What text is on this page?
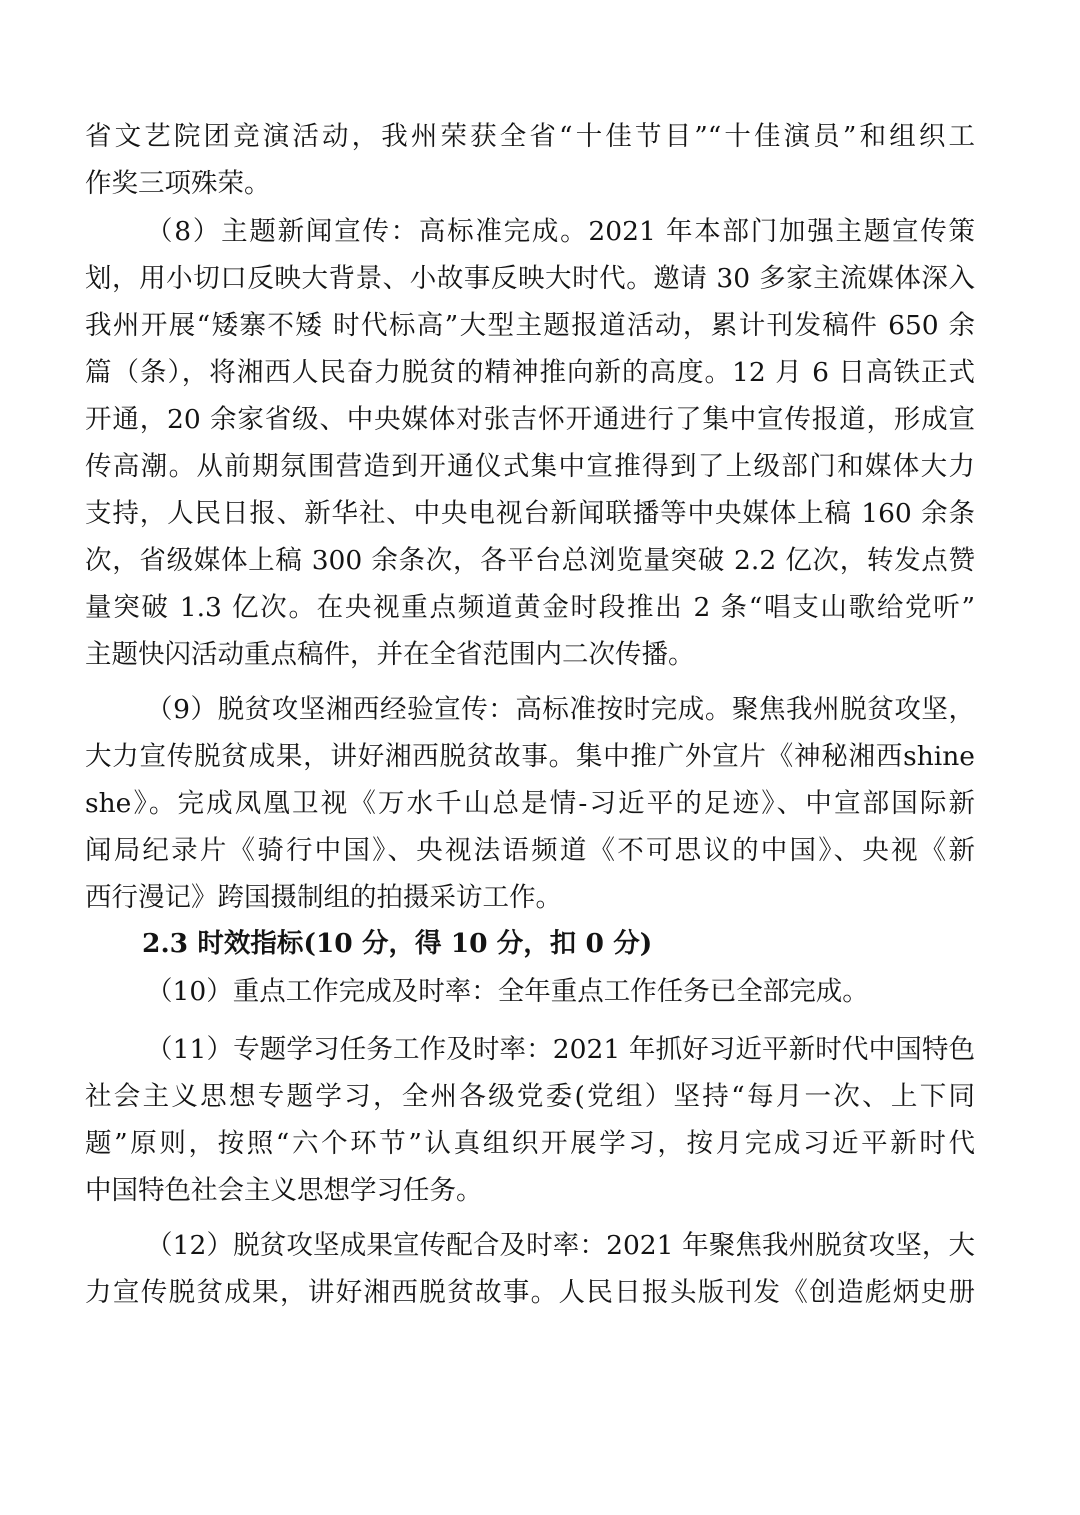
省文艺院团竞演活动，我州荣获全省“十佳节目”“十佳演员”和组织工
作奖三项殊荣。
（8）主题新闻宣传：高标准完成。2021 年本部门加强主题宣传策
划，用小切口反映大背景、小故事反映大时代。邀请 30 多家主流媒体深入
我州开展“矮寨不矮 时代标高”大型主题报道活动，累计刊发稿件 650 余
篇（条），将湘西人民奋力脱贫的精神推向新的高度。12 月 6 日高铁正式
开通，20 余家省级、中央媒体对张吉怀开通进行了集中宣传报道，形成宣
传高潮。从前期氛围营造到开通仪式集中宣推得到了上级部门和媒体大力
支持，人民日报、新华社、中央电视台新闻联播等中央媒体上稿 160 余条
次，省级媒体上稿 300 余条次，各平台总浏览量突破 2.2 亿次，转发点赞
量突破 1.3 亿次。在央视重点频道黄金时段推出 2 条“唱支山歌给党听”
主题快闪活动重点稿件，并在全省范围内二次传播。
（9）脱贫攻坚湘西经验宣传：高标准按时完成。聚焦我州脱贫攻坚，
大力宣传脱贫成果，讲好湘西脱贫故事。集中推广外宣片《神秘湘西shine
she》。完成凤凰卫视《万水千山总是情-习近平的足迹》、中宣部国际新
闻局纪录片《骑行中国》、央视法语频道《不可思议的中国》、央视《新
西行漫记》跨国摄制组的拍摄采访工作。
（10）重点工作完成及时率：全年重点工作任务已全部完成。
（11）专题学习任务工作及时率：2021 年抓好习近平新时代中国特色
社会主义思想专题学习，全州各级党委(党组）坚持“每月一次、上下同
题”原则，按照“六个环节”认真组织开展学习，按月完成习近平新时代
中国特色社会主义思想学习任务。
（12）脱贫攻坚成果宣传配合及时率：2021 年聚焦我州脱贫攻坚，大
力宣传脱贫成果，讲好湘西脱贫故事。人民日报头版刊发《创造彪炳史册
2.3 时效指标(10 分，得 10 分，扣 0 分)
